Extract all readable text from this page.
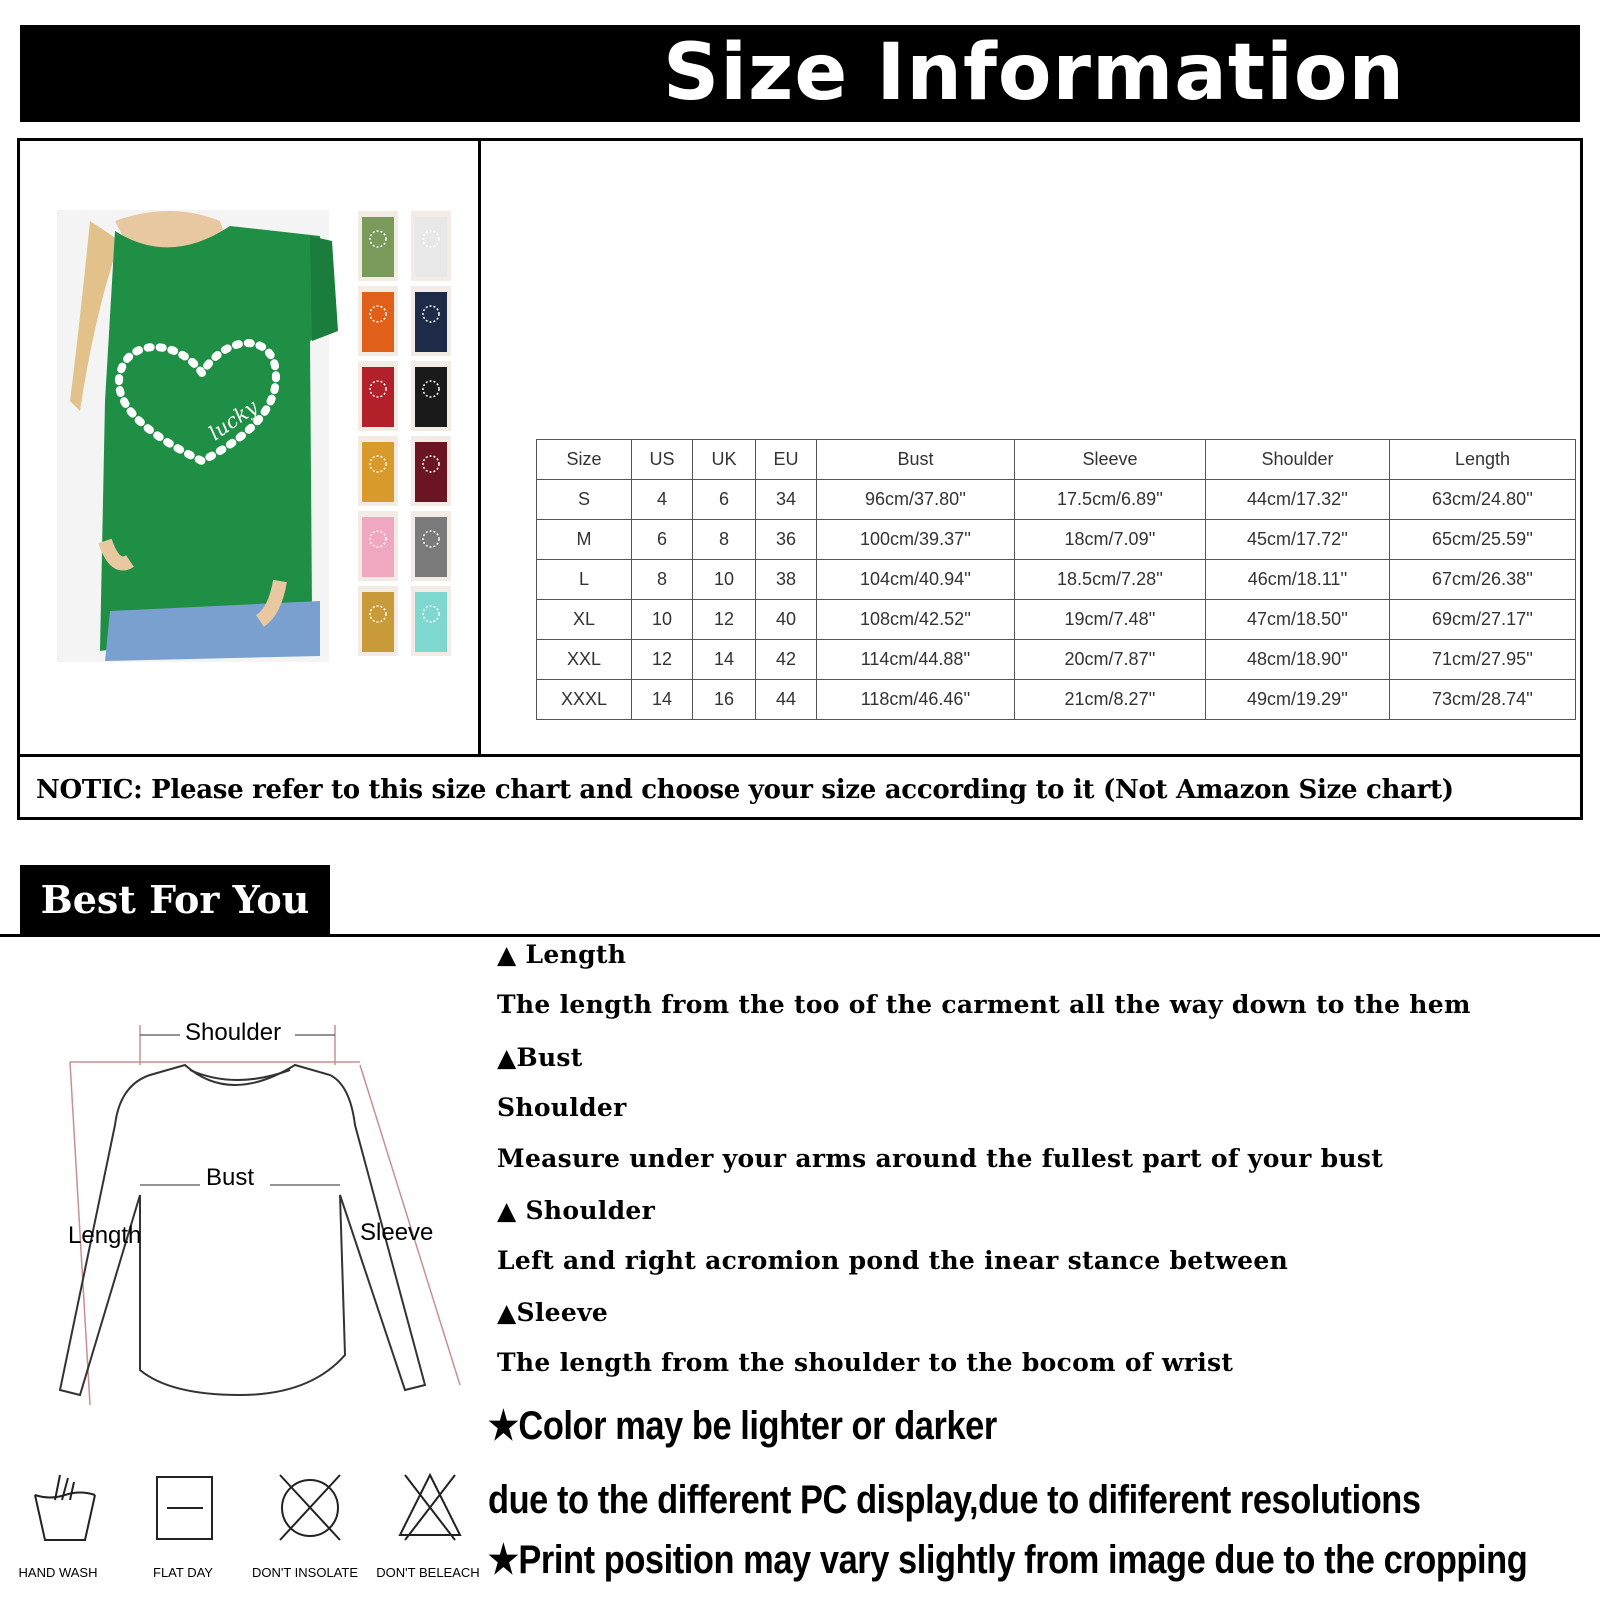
Size Information
lucky
Size	US	UK	EU	Bust	Sleeve	Shoulder	Length
S	4	6	34	96cm/37.80''	17.5cm/6.89''	44cm/17.32''	63cm/24.80''
M	6	8	36	100cm/39.37''	18cm/7.09''	45cm/17.72''	65cm/25.59''
L	8	10	38	104cm/40.94''	18.5cm/7.28''	46cm/18.11''	67cm/26.38''
XL	10	12	40	108cm/42.52''	19cm/7.48''	47cm/18.50''	69cm/27.17''
XXL	12	14	42	114cm/44.88''	20cm/7.87''	48cm/18.90''	71cm/27.95''
XXXL	14	16	44	118cm/46.46''	21cm/8.27''	49cm/19.29''	73cm/28.74''
NOTIC: Please refer to this size chart and choose your size according to it (Not Amazon Size chart)
Best For You
Shoulder
Bust
Length	Sleeve
HAND WASH	FLAT DAY	DON'T INSOLATE DON'T BELEACH
▲ Length
The length from the too of the carment all the way down to the hem
▲Bust
Shoulder
Measure under your arms around the fullest part of your bust
▲ Shoulder
Left and right acromion pond the inear stance between
▲Sleeve
The length from the shoulder to the bocom of wrist
★Color may be lighter or darker
due to the different PC display,due to dififerent resolutions
★Print position may vary slightly from image due to the cropping
